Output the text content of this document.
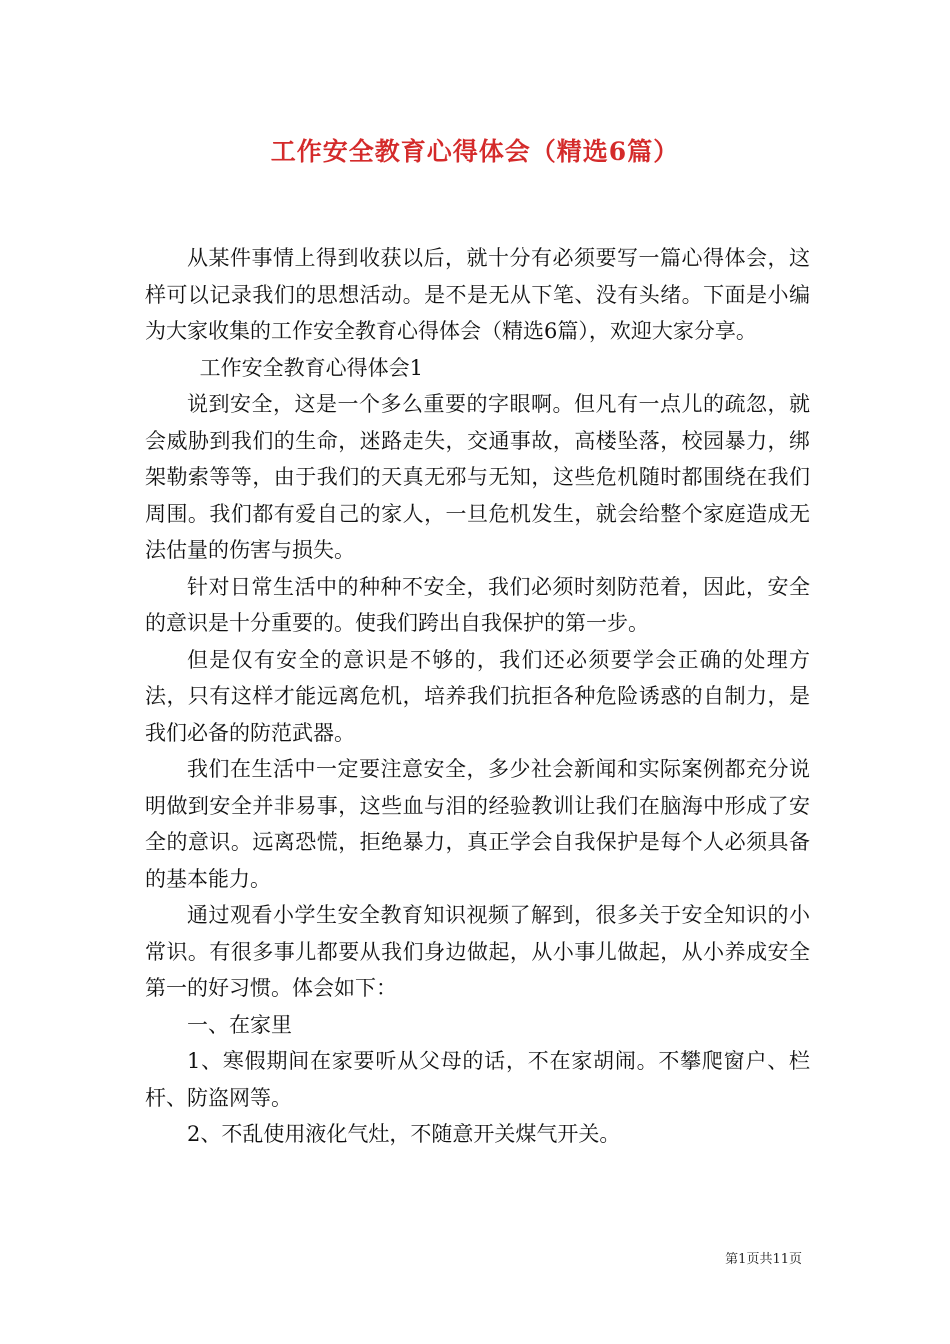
工作安全教育心得体会（精选6篇）

从某件事情上得到收获以后，就十分有必须要写一篇心得体会，这样可以记录我们的思想活动。是不是无从下笔、没有头绪。下面是小编为大家收集的工作安全教育心得体会（精选6篇），欢迎大家分享。

工作安全教育心得体会1

说到安全，这是一个多么重要的字眼啊。但凡有一点儿的疏忽，就会威胁到我们的生命，迷路走失，交通事故，高楼坠落，校园暴力，绑架勒索等等，由于我们的天真无邪与无知，这些危机随时都围绕在我们周围。我们都有爱自己的家人，一旦危机发生，就会给整个家庭造成无法估量的伤害与损失。

针对日常生活中的种种不安全，我们必须时刻防范着，因此，安全的意识是十分重要的。使我们跨出自我保护的第一步。

但是仅有安全的意识是不够的，我们还必须要学会正确的处理方法，只有这样才能远离危机，培养我们抗拒各种危险诱惑的自制力，是我们必备的防范武器。

我们在生活中一定要注意安全，多少社会新闻和实际案例都充分说明做到安全并非易事，这些血与泪的经验教训让我们在脑海中形成了安全的意识。远离恐慌，拒绝暴力，真正学会自我保护是每个人必须具备的基本能力。

通过观看小学生安全教育知识视频了解到，很多关于安全知识的小常识。有很多事儿都要从我们身边做起，从小事儿做起，从小养成安全第一的好习惯。体会如下：

一、在家里

1、寒假期间在家要听从父母的话，不在家胡闹。不攀爬窗户、栏杆、防盗网等。

2、不乱使用液化气灶，不随意开关煤气开关。

第1页共11页
